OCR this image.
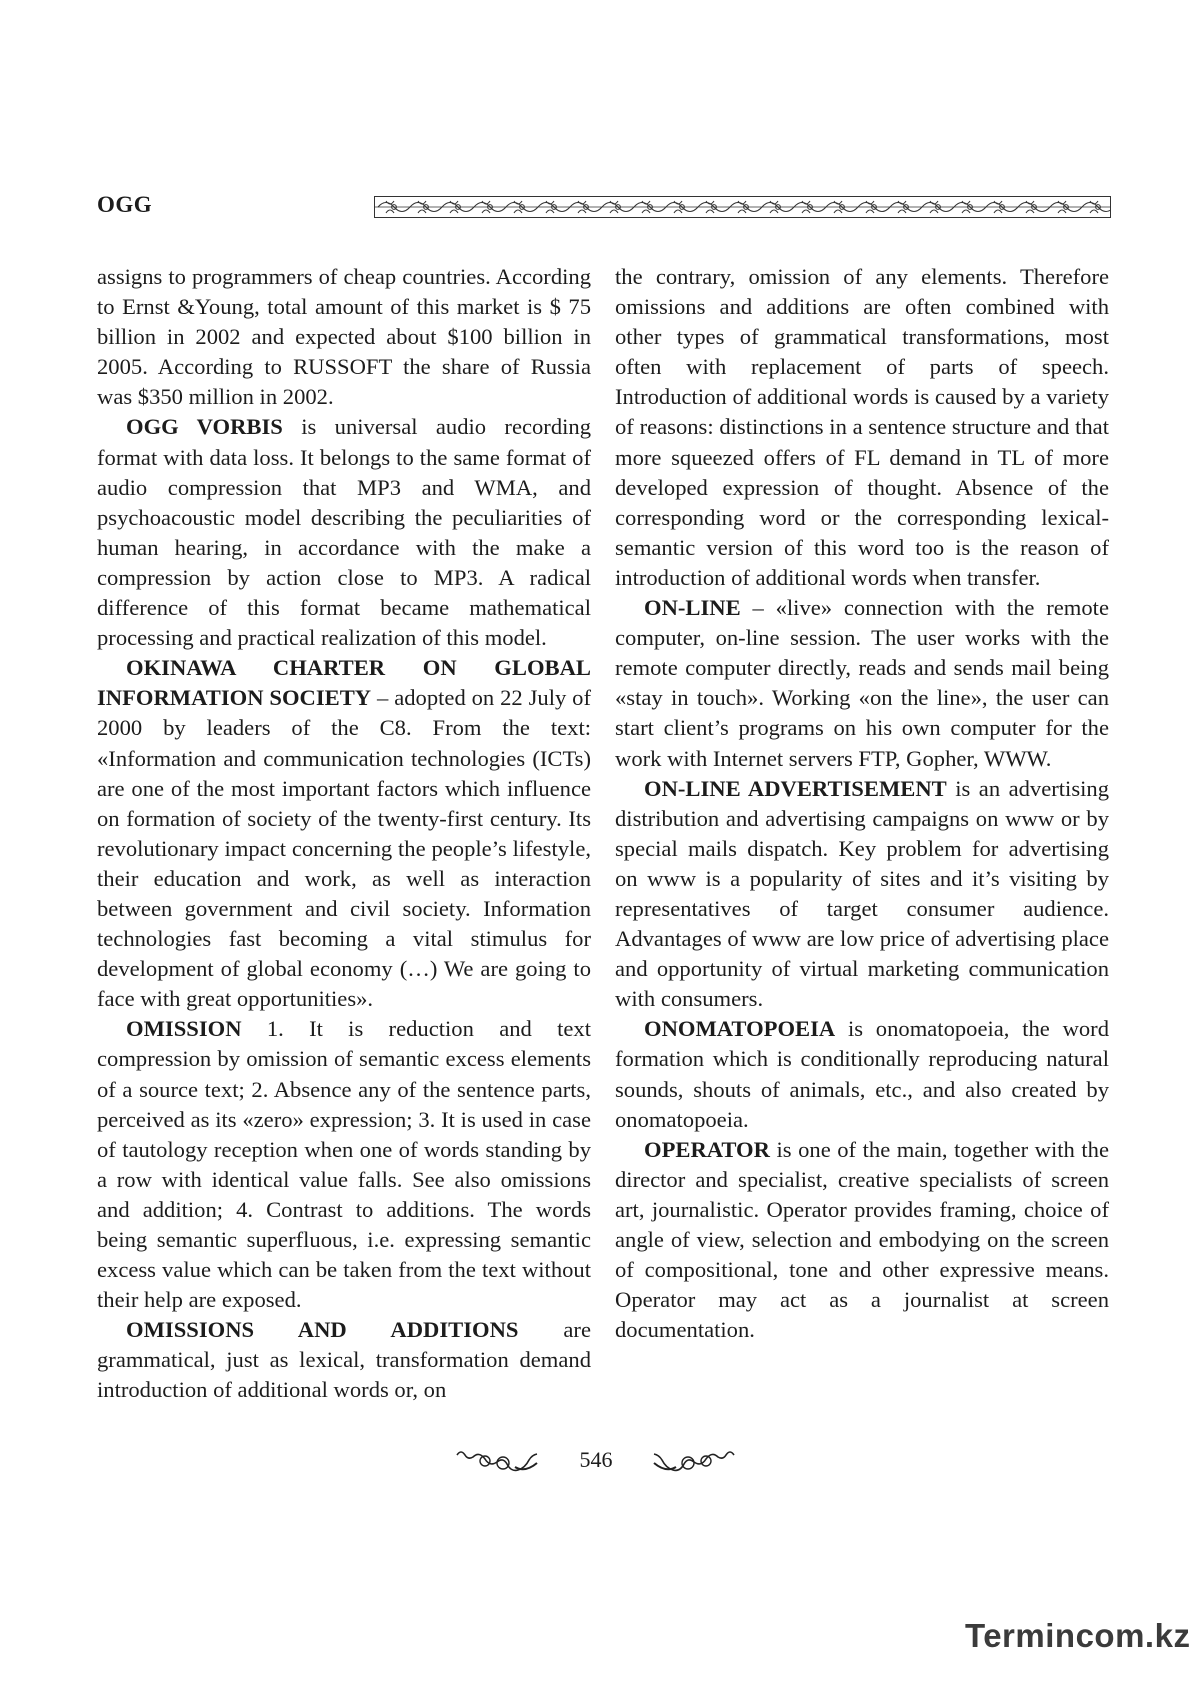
OGG

assigns to programmers of cheap countries. According to Ernst &Young, total amount of this market is $ 75 billion in 2002 and expected about $100 billion in 2005. According to RUSSOFT the share of Russia was $350 million in 2002.

OGG VORBIS is universal audio recording format with data loss. It belongs to the same format of audio compression that MP3 and WMA, and psychoacoustic model describing the peculiarities of human hearing, in accordance with the make a compression by action close to MP3. A radical difference of this format became mathematical processing and practical realization of this model.

OKINAWA CHARTER ON GLOBAL INFORMATION SOCIETY – adopted on 22 July of 2000 by leaders of the C8. From the text: «Information and communication technologies (ICTs) are one of the most important factors which influence on formation of society of the twenty-first century. Its revolutionary impact concerning the people’s lifestyle, their education and work, as well as interaction between government and civil society. Information technologies fast becoming a vital stimulus for development of global economy (…) We are going to face with great opportunities».

OMISSION 1. It is reduction and text compression by omission of semantic excess elements of a source text; 2. Absence any of the sentence parts, perceived as its «zero» expression; 3. It is used in case of tautology reception when one of words standing by a row with identical value falls. See also omissions and addition; 4. Contrast to additions. The words being semantic superfluous, i.e. expressing semantic excess value which can be taken from the text without their help are exposed.

OMISSIONS AND ADDITIONS are grammatical, just as lexical, transformation demand introduction of additional words or, on

the contrary, omission of any elements. Therefore omissions and additions are often combined with other types of grammatical transformations, most often with replacement of parts of speech. Introduction of additional words is caused by a variety of reasons: distinctions in a sentence structure and that more squeezed offers of FL demand in TL of more developed expression of thought. Absence of the corresponding word or the corresponding lexical-semantic version of this word too is the reason of introduction of additional words when transfer.

ON-LINE – «live» connection with the remote computer, on-line session. The user works with the remote computer directly, reads and sends mail being «stay in touch». Working «on the line», the user can start client’s programs on his own computer for the work with Internet servers FTP, Gopher, WWW.

ON-LINE ADVERTISEMENT is an advertising distribution and advertising campaigns on www or by special mails dispatch. Key problem for advertising on www is a popularity of sites and it’s visiting by representatives of target consumer audience. Advantages of www are low price of advertising place and opportunity of virtual marketing communication with consumers.

ONOMATOPOEIA is onomatopoeia, the word formation which is conditionally reproducing natural sounds, shouts of animals, etc., and also created by onomatopoeia.

OPERATOR is one of the main, together with the director and specialist, creative specialists of screen art, journalistic. Operator provides framing, choice of angle of view, selection and embodying on the screen of compositional, tone and other expressive means. Operator may act as a journalist at screen documentation.

546
Termincom.kz
